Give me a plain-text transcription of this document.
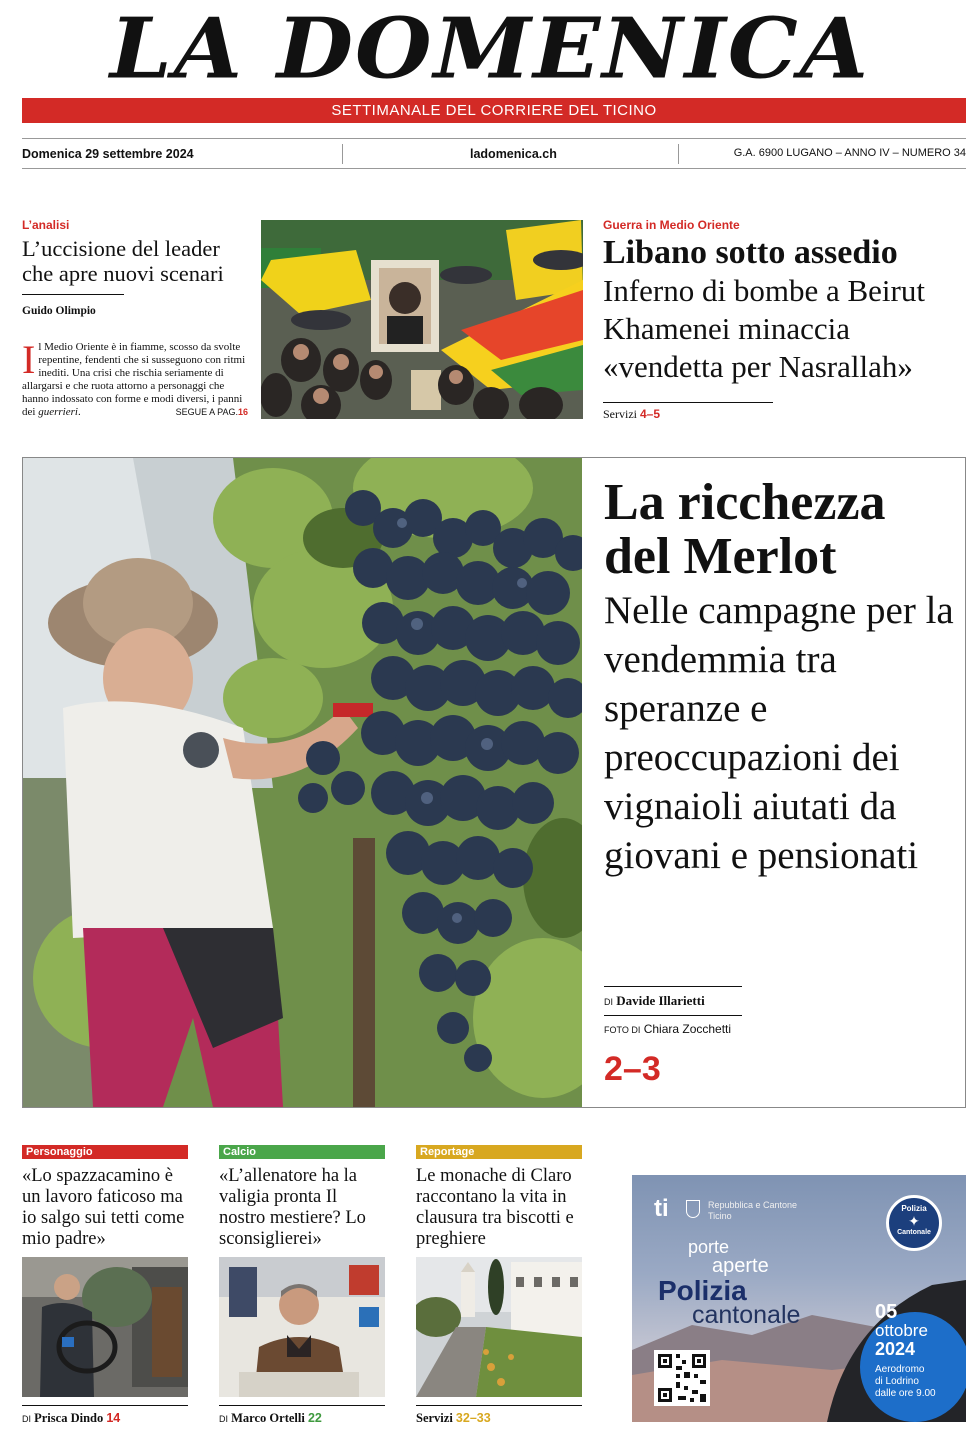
LA DOMENICA
SETTIMANALE DEL CORRIERE DEL TICINO
Domenica 29 settembre 2024	ladomenica.ch	G.A. 6900 LUGANO – ANNO IV – NUMERO 34
L’analisi
L’uccisione del leader che apre nuovi scenari
Guido Olimpio
I l Medio Oriente è in fiamme, scosso da svolte repentine, fendenti che si susseguono con ritmi inediti. Una crisi che rischia seriamente di allargarsi e che ruota attorno a personaggi che hanno indossato con forme e modi diversi, i panni dei guerrieri.	SEGUE A PAG.16
Guerra in Medio Oriente
Libano sotto assedio
Inferno di bombe a Beirut
Khamenei minaccia «vendetta per Nasrallah»
Servizi 4–5
La ricchezza del Merlot
Nelle campagne per la vendemmia tra speranze e preoccupazioni dei vignaioli aiutati da giovani e pensionati
DI Davide Illarietti
FOTO DI Chiara Zocchetti
2–3
Personaggio
«Lo spazzacamino è un lavoro faticoso ma io salgo sui tetti come mio padre»
DI Prisca Dindo 14
Calcio
«L’allenatore ha la valigia pronta Il nostro mestiere? Lo sconsiglierei»
DI Marco Ortelli 22
Reportage
Le monache di Claro raccontano la vita in clausura tra biscotti e preghiere
Servizi 32–33
ti	Repubblica e Cantone
Ticino
Polizia
✦
Cantonale
porte
aperte
Polizia
cantonale	05
ottobre
2024
Aerodromo
di Lodrino
dalle ore 9.00
